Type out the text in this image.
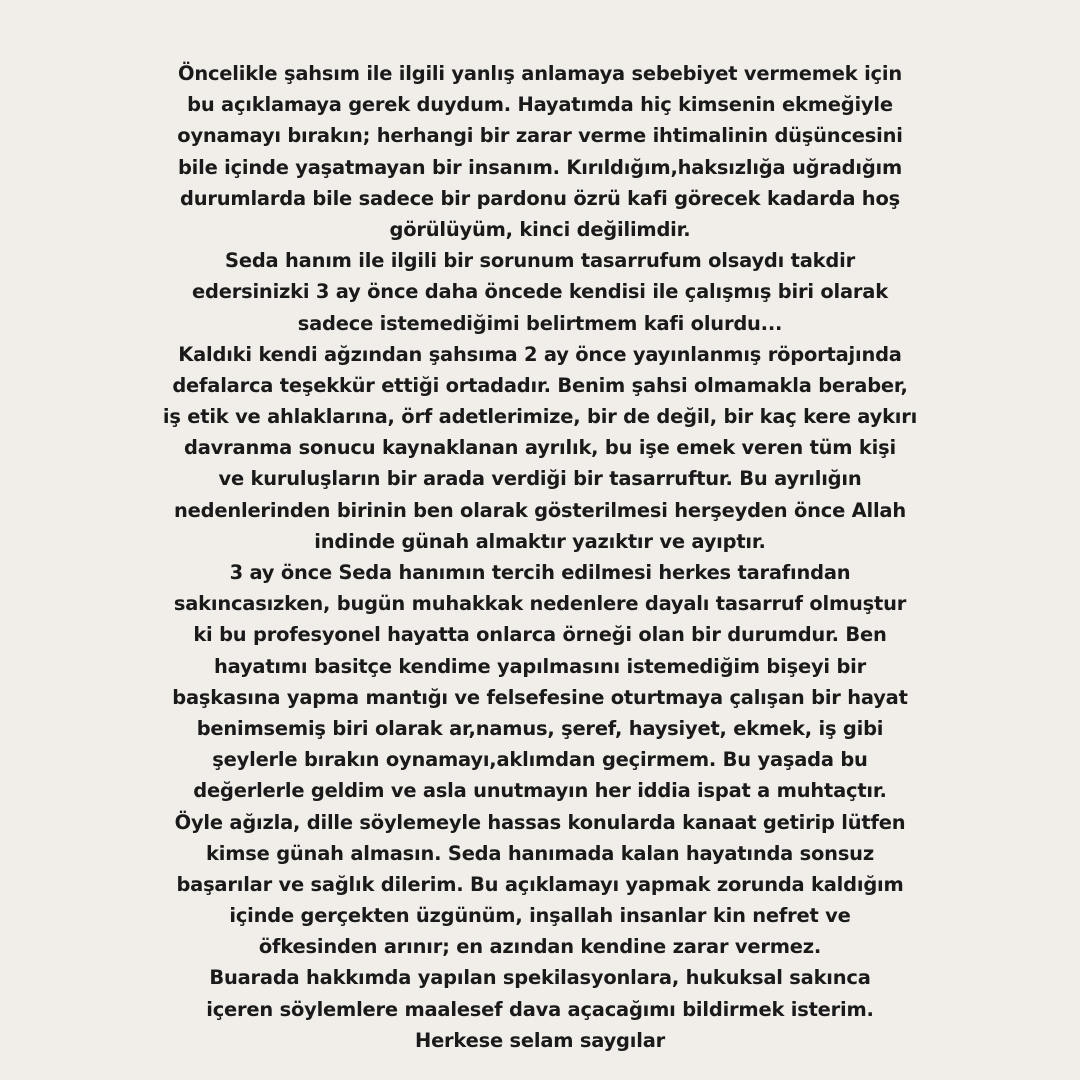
Öncelikle şahsım ile ilgili yanlış anlamaya sebebiyet vermemek için
bu açıklamaya gerek duydum. Hayatımda hiç kimsenin ekmeğiyle
oynamayı bırakın; herhangi bir zarar verme ihtimalinin düşüncesini
bile içinde yaşatmayan bir insanım. Kırıldığım,haksızlığa uğradığım
durumlarda bile sadece bir pardonu özrü kafi görecek kadarda hoş
görülüyüm, kinci değilimdir.
Seda hanım ile ilgili bir sorunum tasarrufum olsaydı takdir
edersinizki 3 ay önce daha öncede kendisi ile çalışmış biri olarak
sadece istemediğimi belirtmem kafi olurdu...
Kaldıki kendi ağzından şahsıma 2 ay önce yayınlanmış röportajında
defalarca teşekkür ettiği ortadadır. Benim şahsi olmamakla beraber,
iş etik ve ahlaklarına, örf adetlerimize, bir de değil, bir kaç kere aykırı
davranma sonucu kaynaklanan ayrılık, bu işe emek veren tüm kişi
ve kuruluşların bir arada verdiği bir tasarruftur. Bu ayrılığın
nedenlerinden birinin ben olarak gösterilmesi herşeyden önce Allah
indinde günah almaktır yazıktır ve ayıptır.
3 ay önce Seda hanımın tercih edilmesi herkes tarafından
sakıncasızken, bugün muhakkak nedenlere dayalı tasarruf olmuştur
ki bu profesyonel hayatta onlarca örneği olan bir durumdur. Ben
hayatımı basitçe kendime yapılmasını istemediğim bişeyi bir
başkasına yapma mantığı ve felsefesine oturtmaya çalışan bir hayat
benimsemiş biri olarak ar,namus, şeref, haysiyet, ekmek, iş gibi
şeylerle bırakın oynamayı,aklımdan geçirmem. Bu yaşada bu
değerlerle geldim ve asla unutmayın her iddia ispat a muhtaçtır.
Öyle ağızla, dille söylemeyle hassas konularda kanaat getirip lütfen
kimse günah almasın. Seda hanımada kalan hayatında sonsuz
başarılar ve sağlık dilerim. Bu açıklamayı yapmak zorunda kaldığım
içinde gerçekten üzgünüm, inşallah insanlar kin nefret ve
öfkesinden arınır; en azından kendine zarar vermez.
Buarada hakkımda yapılan spekilasyonlara, hukuksal sakınca
içeren söylemlere maalesef dava açacağımı bildirmek isterim.
Herkese selam saygılar
